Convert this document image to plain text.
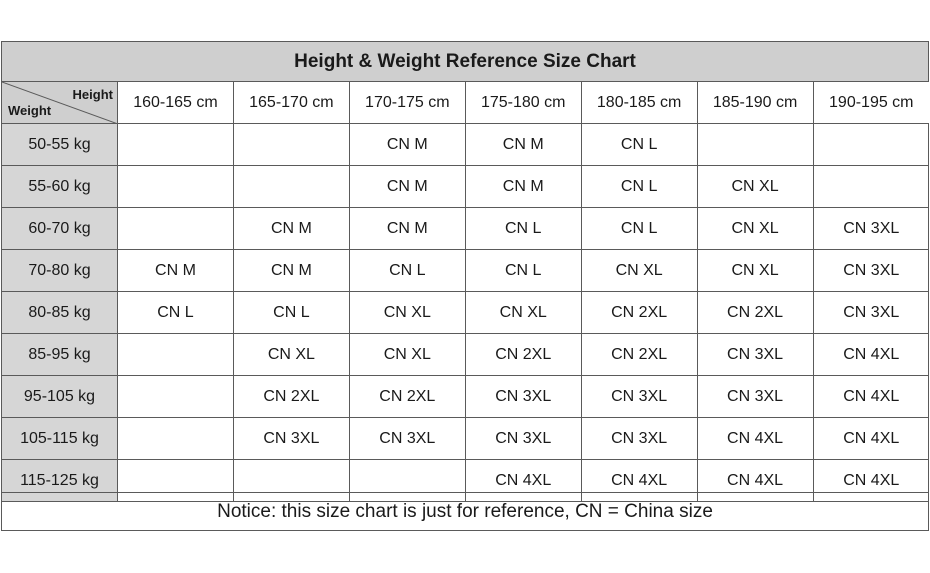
Height & Weight Reference Size Chart
Height
Weight	160-165 cm	165-170 cm	170-175 cm	175-180 cm	180-185 cm	185-190 cm	190-195 cm
50-55 kg			CN M	CN M	CN L		
55-60 kg			CN M	CN M	CN L	CN XL	
60-70 kg		CN M	CN M	CN L	CN L	CN XL	CN 3XL
70-80 kg	CN M	CN M	CN L	CN L	CN XL	CN XL	CN 3XL
80-85 kg	CN L	CN L	CN XL	CN XL	CN 2XL	CN 2XL	CN 3XL
85-95 kg		CN XL	CN XL	CN 2XL	CN 2XL	CN 3XL	CN 4XL
95-105 kg		CN 2XL	CN 2XL	CN 3XL	CN 3XL	CN 3XL	CN 4XL
105-115 kg		CN 3XL	CN 3XL	CN 3XL	CN 3XL	CN 4XL	CN 4XL
115-125 kg				CN 4XL	CN 4XL	CN 4XL	CN 4XL
Notice: this size chart is just for reference, CN = China size
